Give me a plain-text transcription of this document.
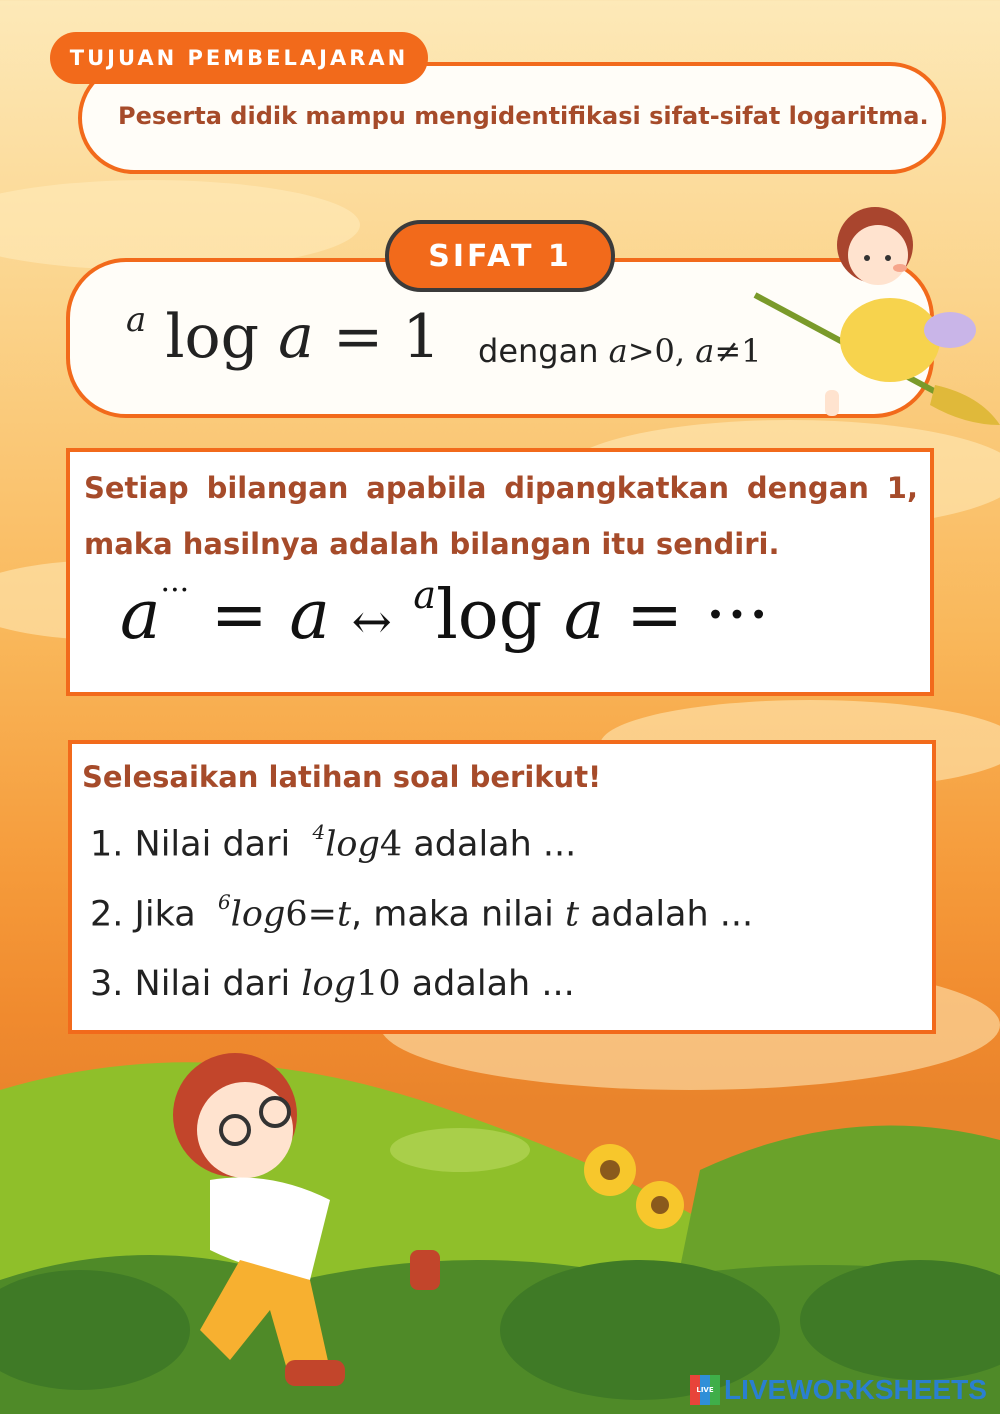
Peserta didik mampu mengidentifikasi sifat-sifat logaritma.
TUJUAN PEMBELAJARAN
$^a$ log a = 1 dengan a>0, a≠1
SIFAT 1
Setiap bilangan apabila dipangkatkan dengan 1, maka hasilnya adalah bilangan itu sendiri.
a··· = a ↔ $^a$log a = ···
Selesaikan latihan soal berikut!
1. Nilai dari $^4$log4 adalah ...
2. Jika $^6$log6=t, maka nilai t adalah ...
3. Nilai dari log10 adalah ...
LIVE LIVEWORKSHEETS
